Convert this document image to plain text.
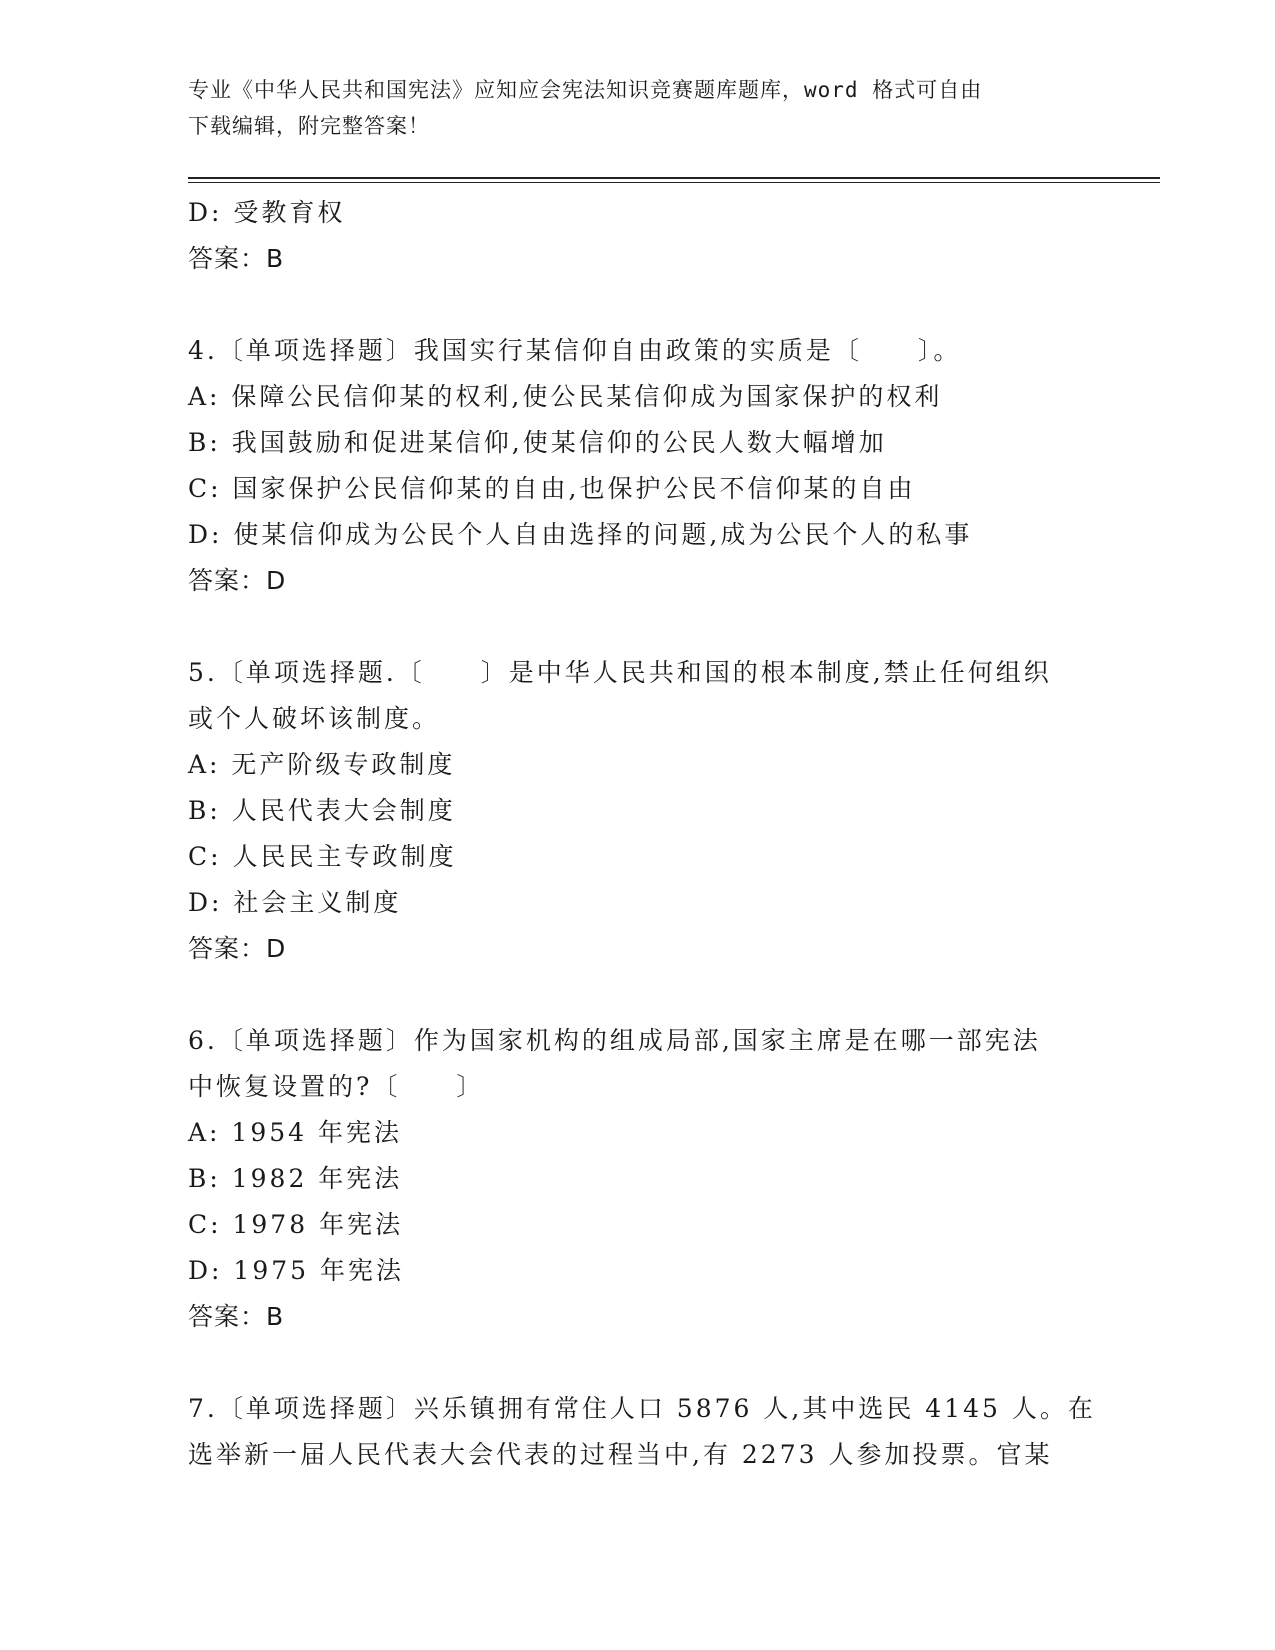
专业《中华人民共和国宪法》应知应会宪法知识竞赛题库题库，word 格式可自由
下载编辑，附完整答案！
D: 受教育权
答案：B
4.〔单项选择题〕我国实行某信仰自由政策的实质是〔　　〕。
A: 保障公民信仰某的权利,使公民某信仰成为国家保护的权利
B: 我国鼓励和促进某信仰,使某信仰的公民人数大幅增加
C: 国家保护公民信仰某的自由,也保护公民不信仰某的自由
D: 使某信仰成为公民个人自由选择的问题,成为公民个人的私事
答案：D
5.〔单项选择题.〔　　〕是中华人民共和国的根本制度,禁止任何组织
或个人破坏该制度。
A: 无产阶级专政制度
B: 人民代表大会制度
C: 人民民主专政制度
D: 社会主义制度
答案：D
6.〔单项选择题〕作为国家机构的组成局部,国家主席是在哪一部宪法
中恢复设置的?〔　　〕
A: 1954 年宪法
B: 1982 年宪法
C: 1978 年宪法
D: 1975 年宪法
答案：B
7.〔单项选择题〕兴乐镇拥有常住人口 5876 人,其中选民 4145 人。在
选举新一届人民代表大会代表的过程当中,有 2273 人参加投票。官某
